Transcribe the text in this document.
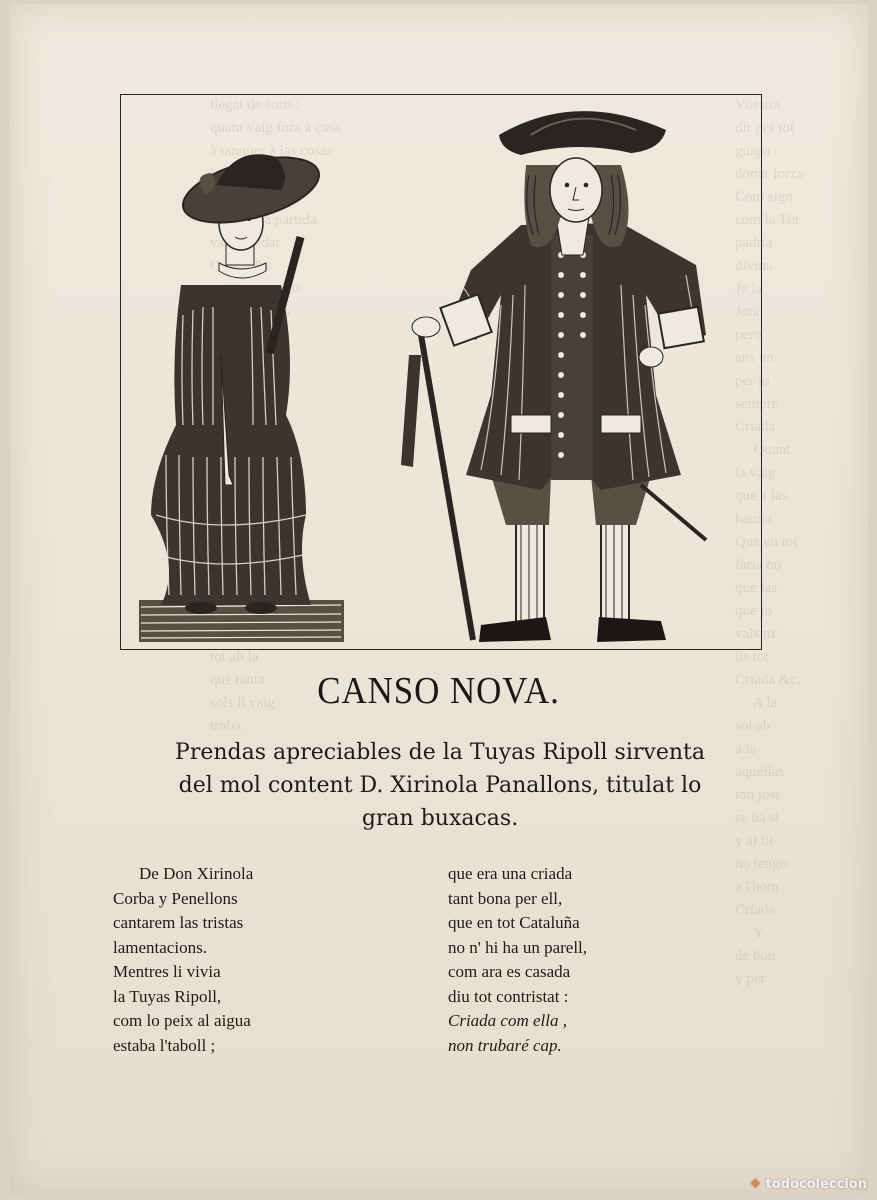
llegat de sorti :
quant vaig fora à casa
à tanquer à las cosas

partida
vaig quedar
Criada

tot ab la
que tanta
sols li vaig
troba .
Vuestra
dir per tot
guapa
donar forza
Com sign
com la Tut
padria
divina
Je la
Jono
pero
ans un
per jo
sempre
Criada
Quant
la vaig
que a las
hauria
Que en tot
faria no
que las
que jo
vals m'
lis tot
Criada &c.
A la
sol ab
á la
aquellas
ton jost
se ha si
y al lit
no tengo
a l'hom
Criada
Y
de bon
y per
CANSO NOVA.
Prendas apreciables de la Tuyas Ripoll sirventa
del mol content D. Xirinola Panallons, titulat lo
gran buxacas.
De Don Xirinola
Corba y Penellons
cantarem las tristas
lamentacions.
Mentres li vivia
la Tuyas Ripoll,
com lo peix al aigua
estaba l'taboll ;
que era una criada
tant bona per ell,
que en tot Cataluña
no n' hi ha un parell,
com ara es casada
diu tot contristat :
Criada com ella ,
non trubaré cap.
❖ todocoleccion
